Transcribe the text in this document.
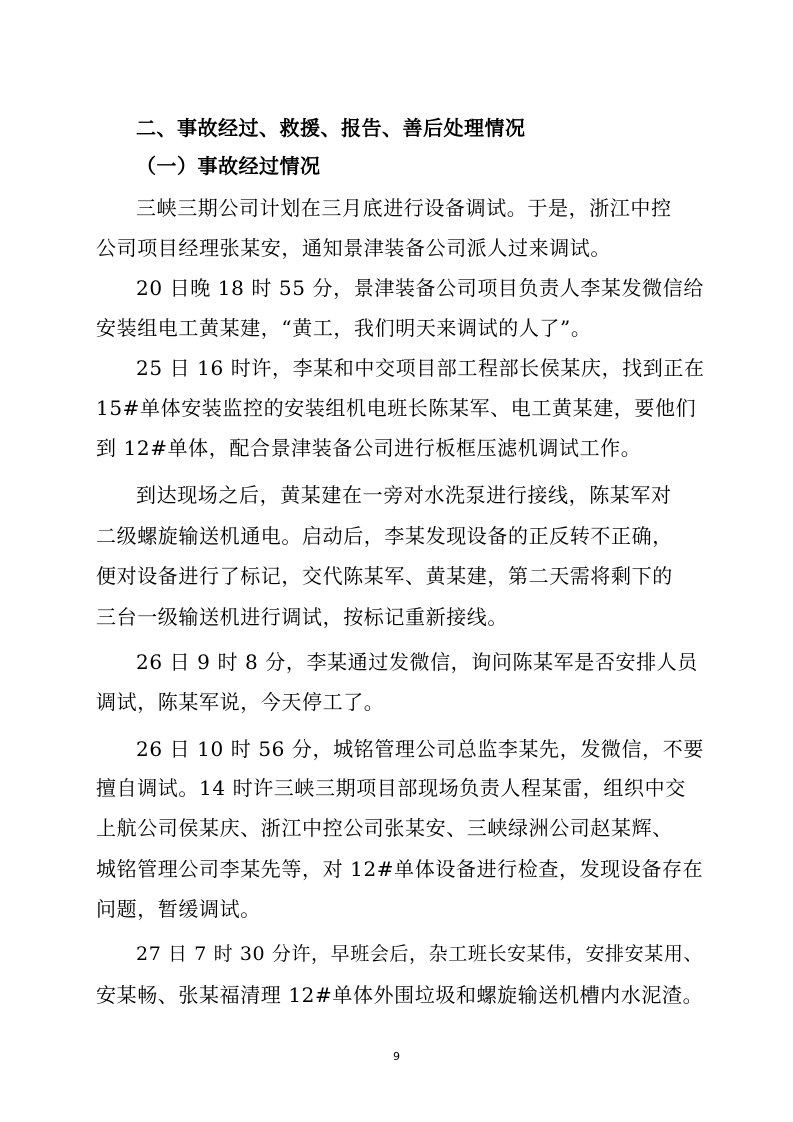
二、事故经过、救援、报告、善后处理情况
（一）事故经过情况
三峡三期公司计划在三月底进行设备调试。于是，浙江中控
公司项目经理张某安，通知景津装备公司派人过来调试。
20 日晚 18 时 55 分，景津装备公司项目负责人李某发微信给
安装组电工黄某建，“黄工，我们明天来调试的人了”。
25 日 16 时许，李某和中交项目部工程部长侯某庆，找到正在
15#单体安装监控的安装组机电班长陈某军、电工黄某建，要他们
到 12#单体，配合景津装备公司进行板框压滤机调试工作。
到达现场之后，黄某建在一旁对水洗泵进行接线，陈某军对
二级螺旋输送机通电。启动后，李某发现设备的正反转不正确，
便对设备进行了标记，交代陈某军、黄某建，第二天需将剩下的
三台一级输送机进行调试，按标记重新接线。
26 日 9 时 8 分，李某通过发微信，询问陈某军是否安排人员
调试，陈某军说，今天停工了。
26 日 10 时 56 分，城铭管理公司总监李某先，发微信，不要
擅自调试。14 时许三峡三期项目部现场负责人程某雷，组织中交
上航公司侯某庆、浙江中控公司张某安、三峡绿洲公司赵某辉、
城铭管理公司李某先等，对 12#单体设备进行检查，发现设备存在
问题，暂缓调试。
27 日 7 时 30 分许，早班会后，杂工班长安某伟，安排安某用、
安某畅、张某福清理 12#单体外围垃圾和螺旋输送机槽内水泥渣。
9
